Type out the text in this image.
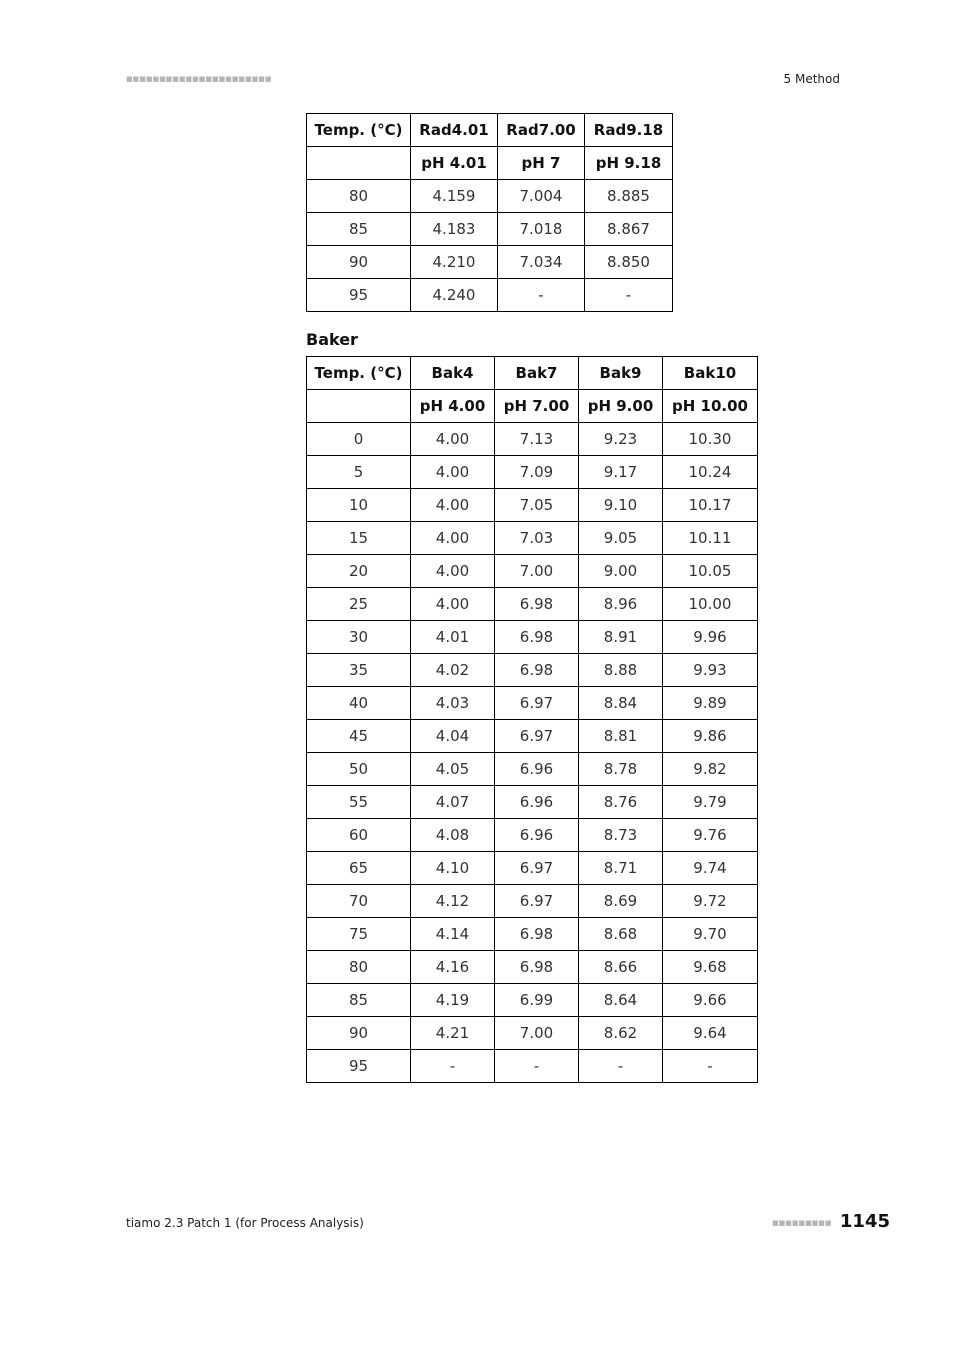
■■■■■■■■■■■■■■■■■■■■■■	5 Method
Temp. (°C)	Rad4.01	Rad7.00	Rad9.18
	pH 4.01	pH 7	pH 9.18
80	4.159	7.004	8.885
85	4.183	7.018	8.867
90	4.210	7.034	8.850
95	4.240	-	-
Baker
Temp. (°C)	Bak4	Bak7	Bak9	Bak10
	pH 4.00	pH 7.00	pH 9.00	pH 10.00
0	4.00	7.13	9.23	10.30
5	4.00	7.09	9.17	10.24
10	4.00	7.05	9.10	10.17
15	4.00	7.03	9.05	10.11
20	4.00	7.00	9.00	10.05
25	4.00	6.98	8.96	10.00
30	4.01	6.98	8.91	9.96
35	4.02	6.98	8.88	9.93
40	4.03	6.97	8.84	9.89
45	4.04	6.97	8.81	9.86
50	4.05	6.96	8.78	9.82
55	4.07	6.96	8.76	9.79
60	4.08	6.96	8.73	9.76
65	4.10	6.97	8.71	9.74
70	4.12	6.97	8.69	9.72
75	4.14	6.98	8.68	9.70
80	4.16	6.98	8.66	9.68
85	4.19	6.99	8.64	9.66
90	4.21	7.00	8.62	9.64
95	-	-	-	-
tiamo 2.3 Patch 1 (for Process Analysis)	■■■■■■■■■ 1145
